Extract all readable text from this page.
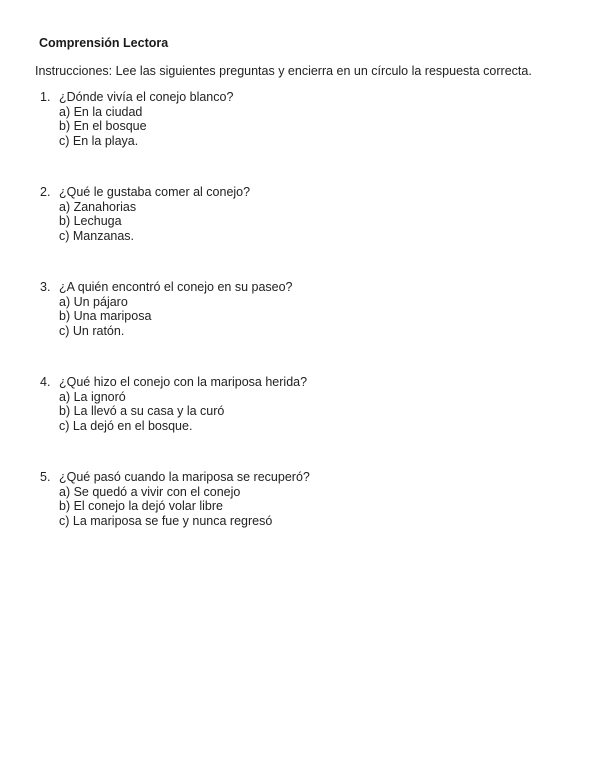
Comprensión Lectora
Instrucciones: Lee las siguientes preguntas y encierra en un círculo la respuesta correcta.
1. ¿Dónde vivía el conejo blanco?
a) En la ciudad
b) En el bosque
c) En la playa.
2. ¿Qué le gustaba comer al conejo?
a) Zanahorias
b) Lechuga
c) Manzanas.
3. ¿A quién encontró el conejo en su paseo?
a) Un pájaro
b) Una mariposa
c) Un ratón.
4. ¿Qué hizo el conejo con la mariposa herida?
a) La ignoró
b) La llevó a su casa y la curó
c) La dejó en el bosque.
5. ¿Qué pasó cuando la mariposa se recuperó?
a) Se quedó a vivir con el conejo
b) El conejo la dejó volar libre
c) La mariposa se fue y nunca regresó
